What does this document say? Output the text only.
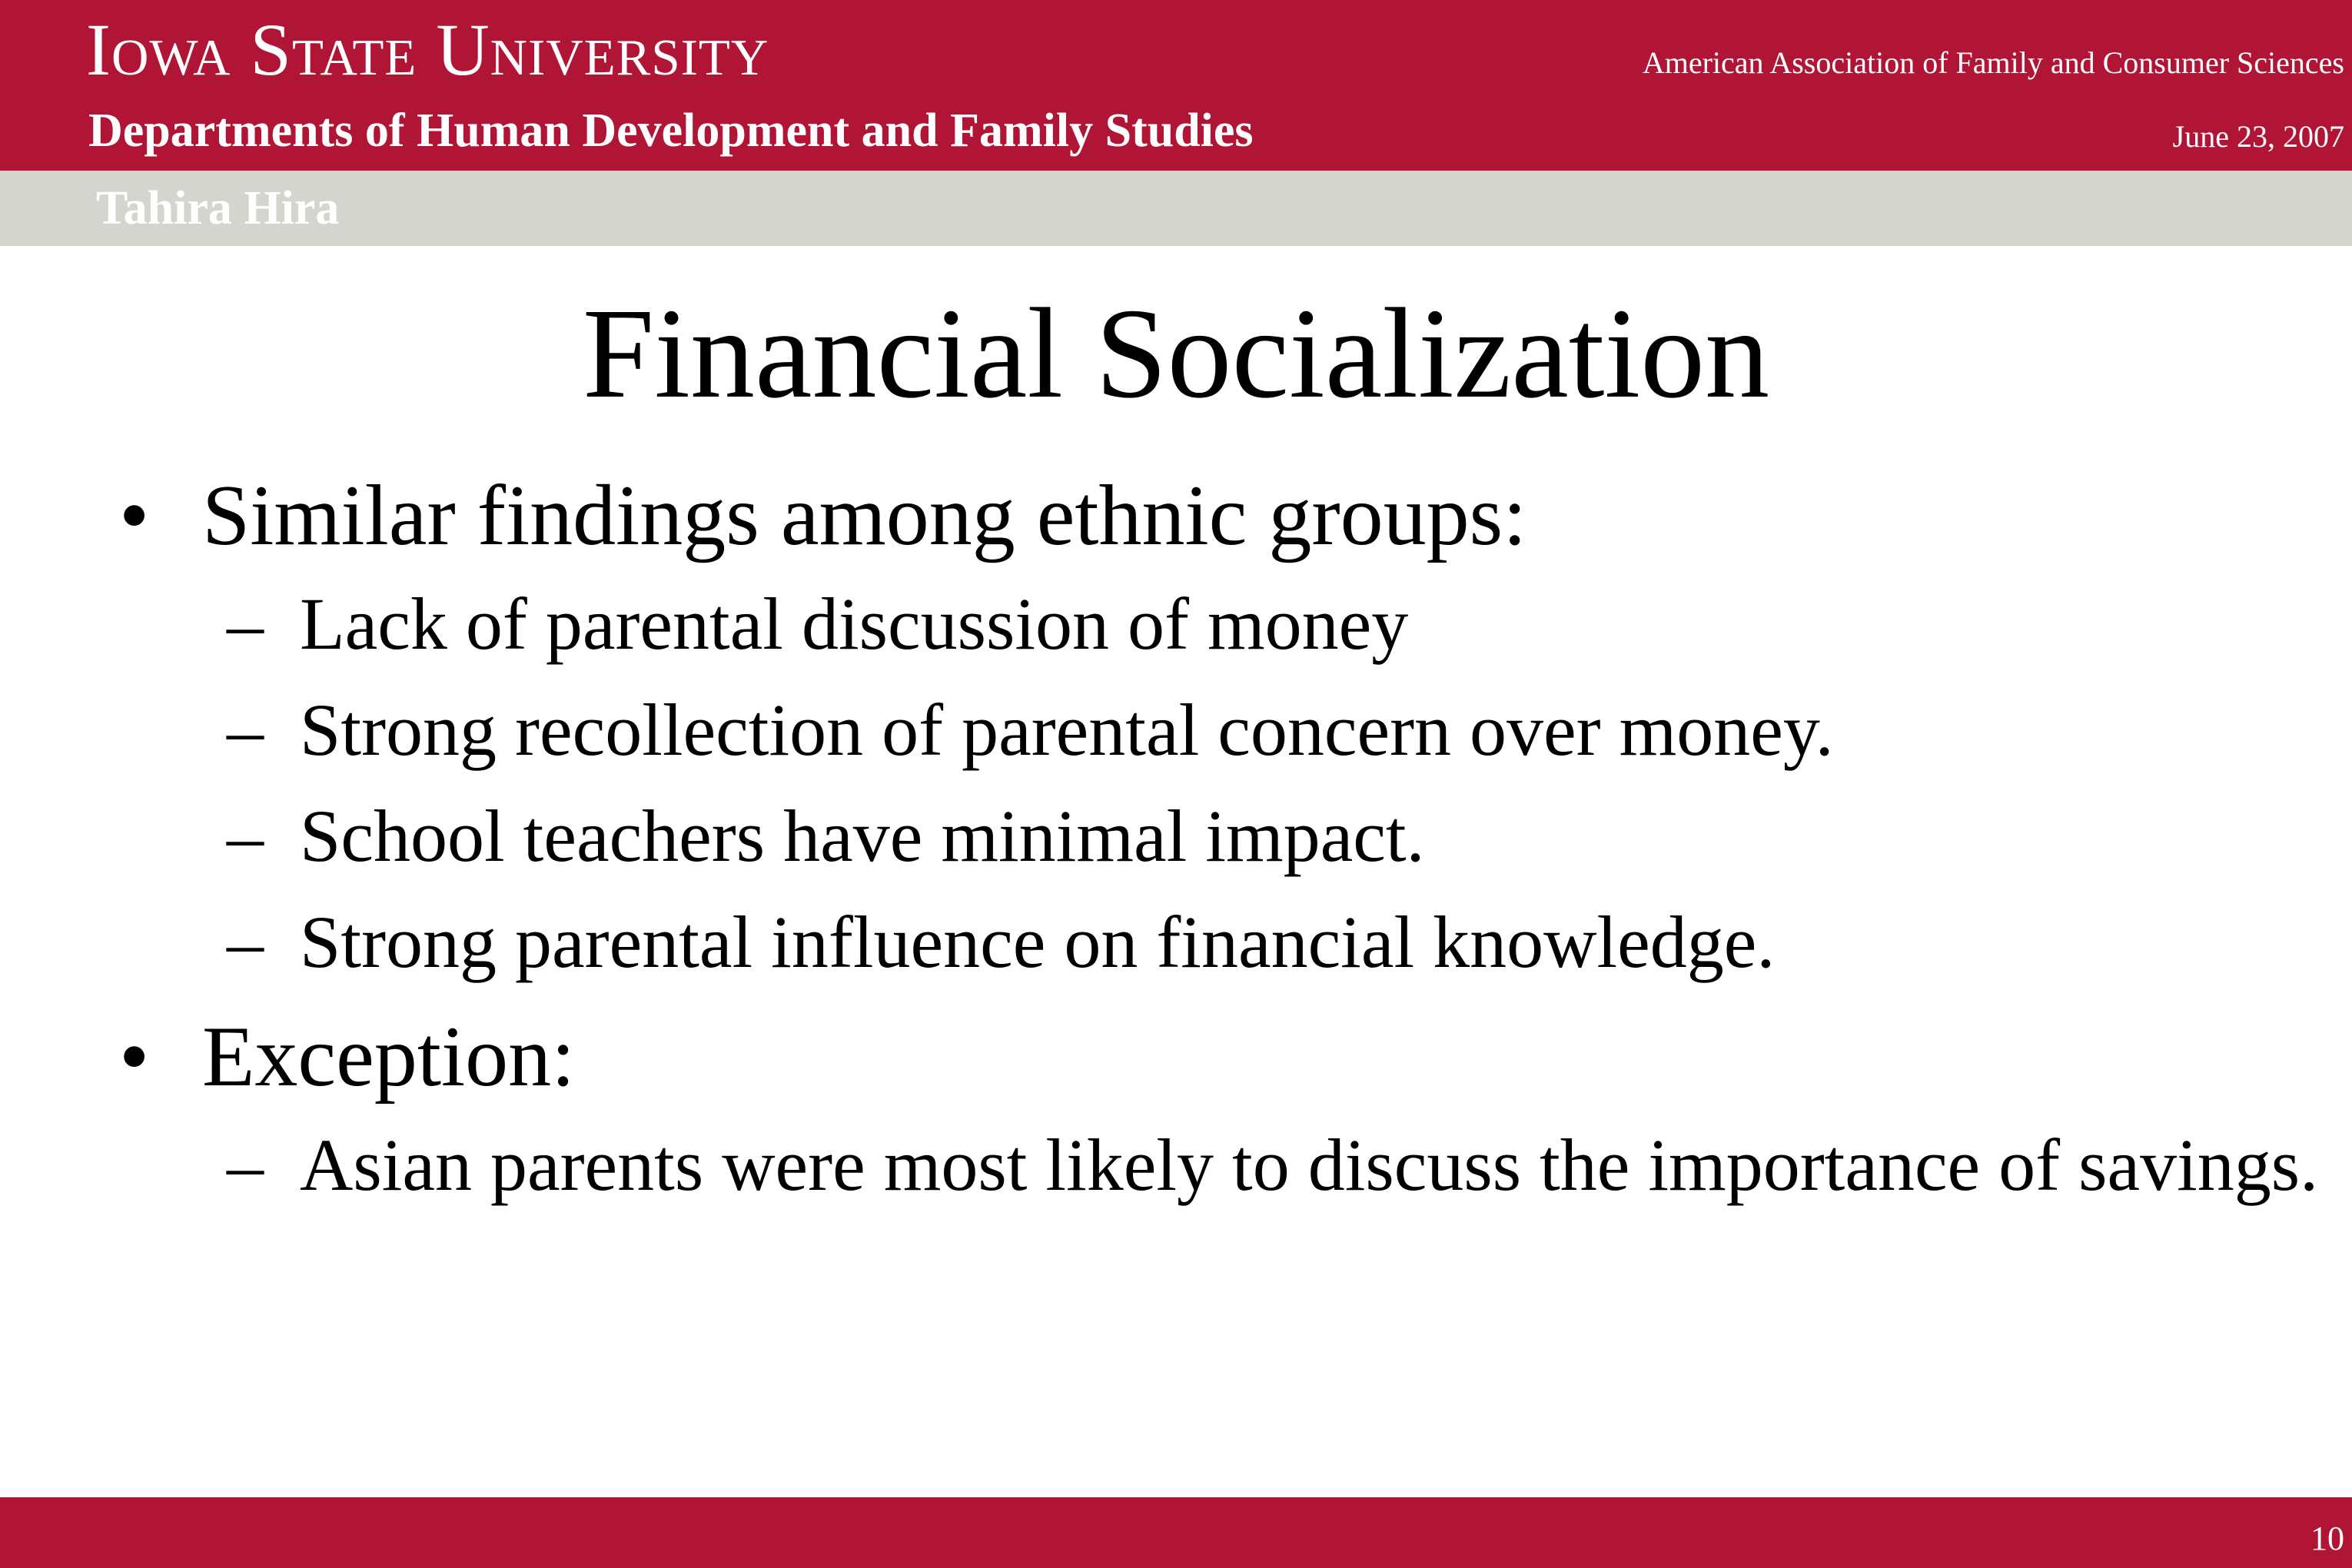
Iowa State University
Departments of Human Development and Family Studies
American Association of Family and Consumer Sciences
June 23, 2007
Tahira Hira
Financial Socialization
• Similar findings among ethnic groups:
– Lack of parental discussion of money
– Strong recollection of parental concern over money.
– School teachers have minimal impact.
– Strong parental influence on financial knowledge.
• Exception:
– Asian parents were most likely to discuss the importance of savings.
10
